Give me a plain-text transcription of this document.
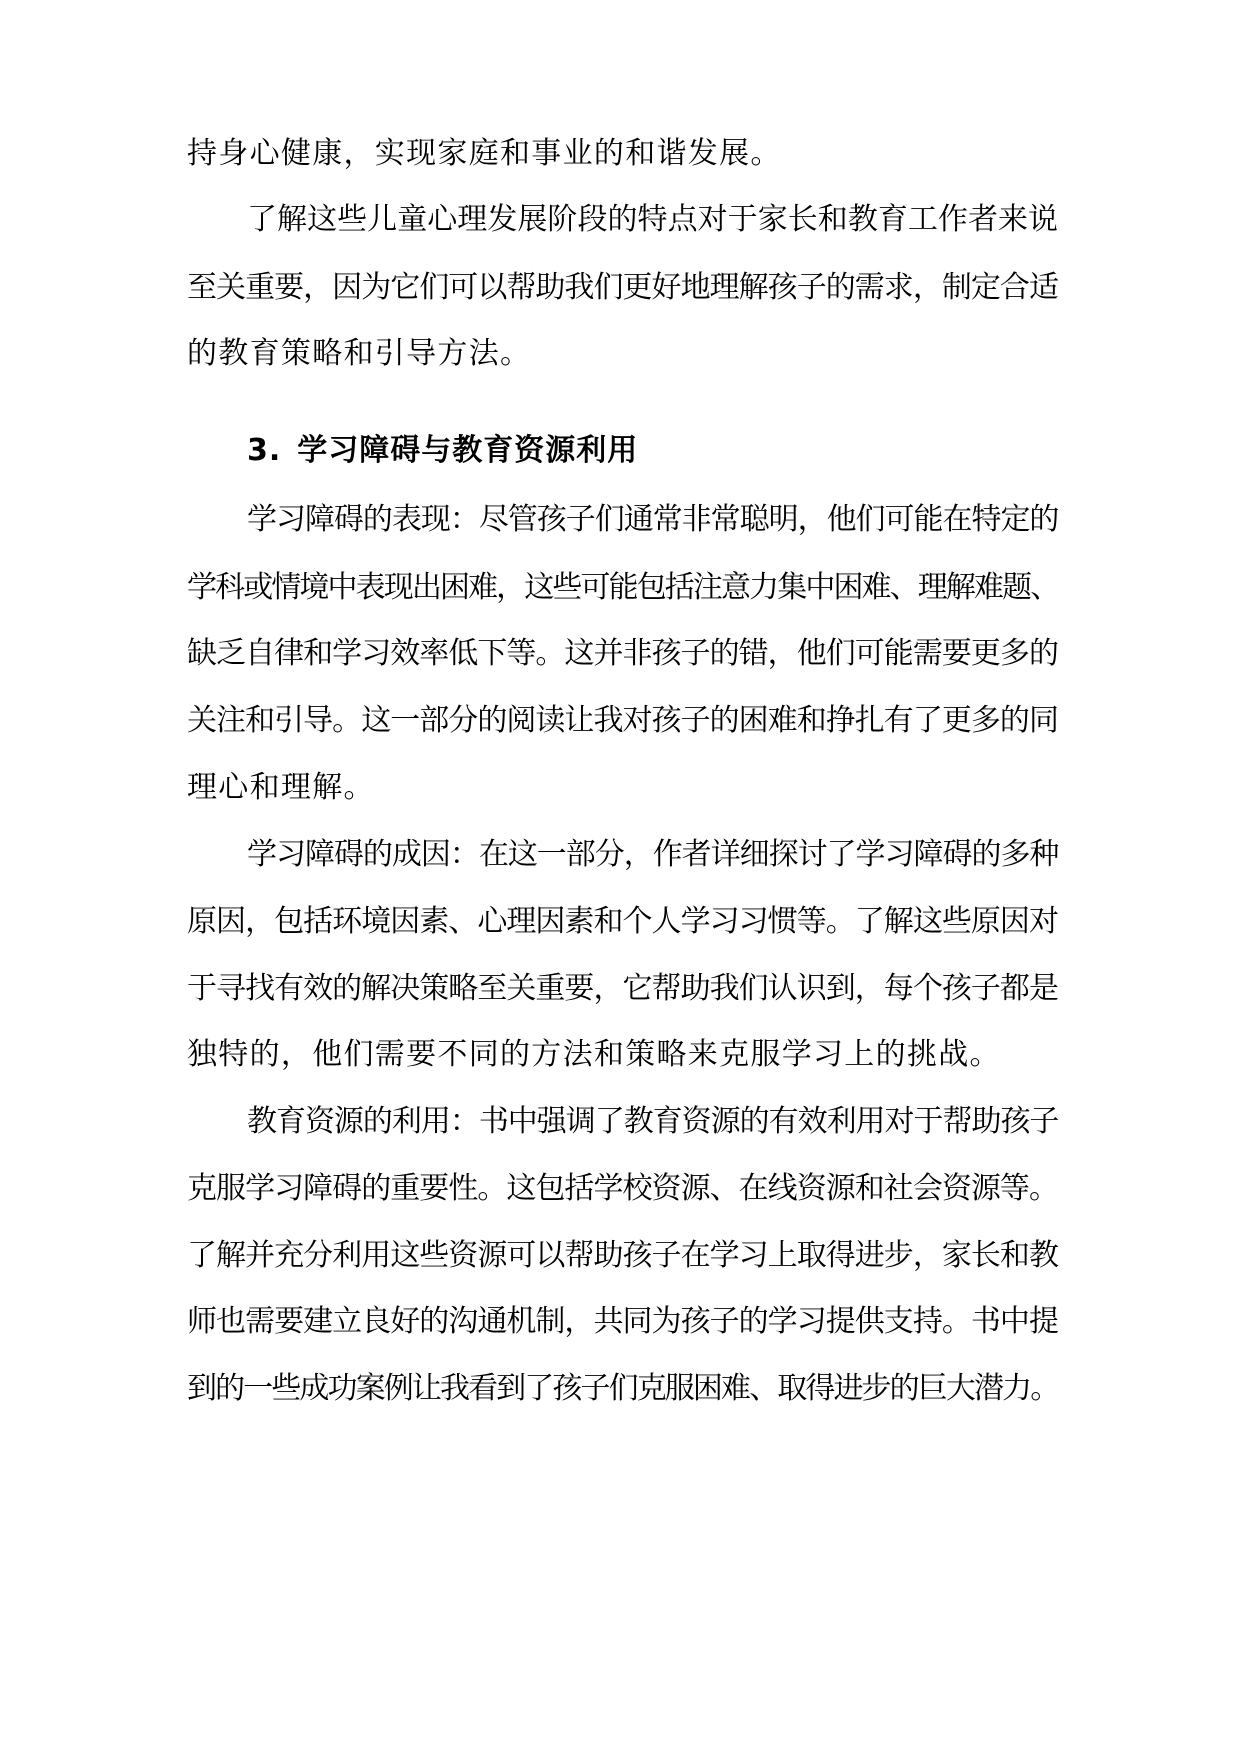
持身心健康，实现家庭和事业的和谐发展。
了解这些儿童心理发展阶段的特点对于家长和教育工作者来说
至关重要，因为它们可以帮助我们更好地理解孩子的需求，制定合适
的教育策略和引导方法。
3. 学习障碍与教育资源利用
学习障碍的表现：尽管孩子们通常非常聪明，他们可能在特定的
学科或情境中表现出困难，这些可能包括注意力集中困难、理解难题、
缺乏自律和学习效率低下等。这并非孩子的错，他们可能需要更多的
关注和引导。这一部分的阅读让我对孩子的困难和挣扎有了更多的同
理心和理解。
学习障碍的成因：在这一部分，作者详细探讨了学习障碍的多种
原因，包括环境因素、心理因素和个人学习习惯等。了解这些原因对
于寻找有效的解决策略至关重要，它帮助我们认识到，每个孩子都是
独特的，他们需要不同的方法和策略来克服学习上的挑战。
教育资源的利用：书中强调了教育资源的有效利用对于帮助孩子
克服学习障碍的重要性。这包括学校资源、在线资源和社会资源等。
了解并充分利用这些资源可以帮助孩子在学习上取得进步，家长和教
师也需要建立良好的沟通机制，共同为孩子的学习提供支持。书中提
到的一些成功案例让我看到了孩子们克服困难、取得进步的巨大潜力。
